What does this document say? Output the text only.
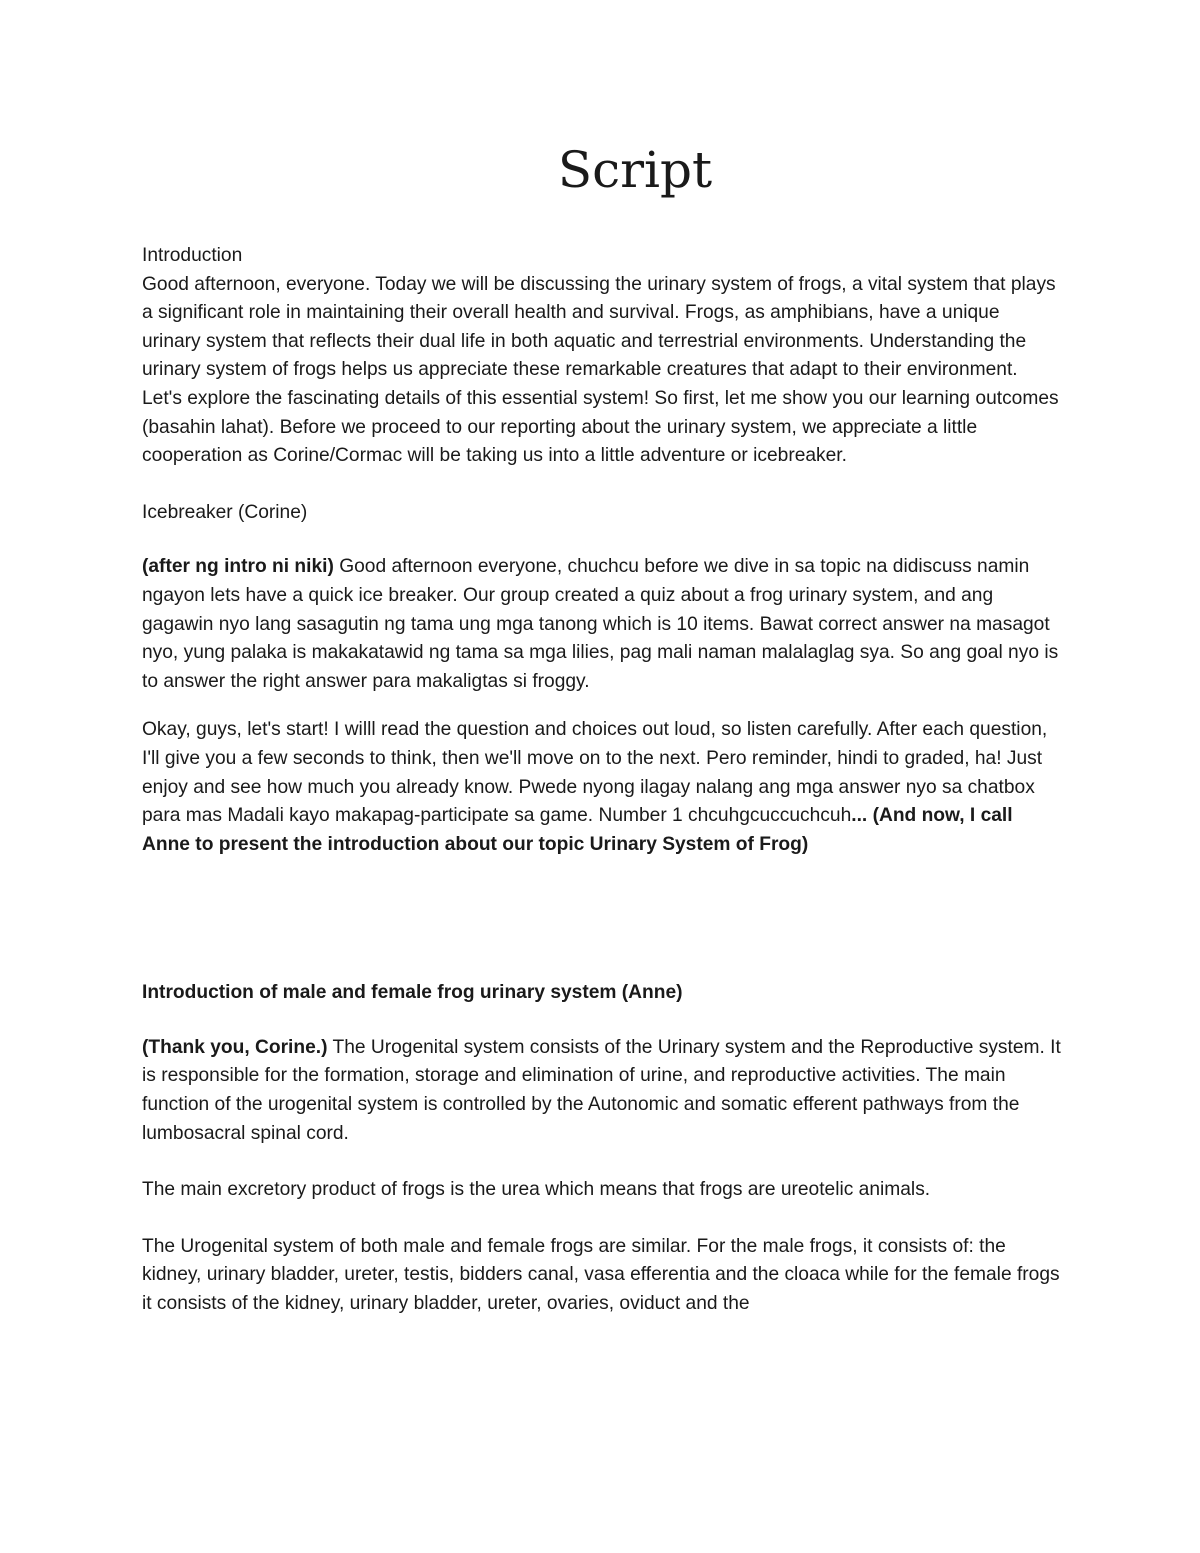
Script

Introduction

Good afternoon, everyone. Today we will be discussing the urinary system of frogs, a vital system that plays a significant role in maintaining their overall health and survival. Frogs, as amphibians, have a unique urinary system that reflects their dual life in both aquatic and terrestrial environments. Understanding the urinary system of frogs helps us appreciate these remarkable creatures that adapt to their environment. Let's explore the fascinating details of this essential system! So first, let me show you our learning outcomes (basahin lahat). Before we proceed to our reporting about the urinary system, we appreciate a little cooperation as Corine/Cormac will be taking us into a little adventure or icebreaker.

Icebreaker (Corine)

(after ng intro ni niki) Good afternoon everyone, chuchcu before we dive in sa topic na didiscuss namin ngayon lets have a quick ice breaker. Our group created a quiz about a frog urinary system, and ang gagawin nyo lang sasagutin ng tama ung mga tanong which is 10 items. Bawat correct answer na masagot nyo, yung palaka is makakatawid ng tama sa mga lilies, pag mali naman malalaglag sya. So ang goal nyo is to answer the right answer para makaligtas si froggy.

Okay, guys, let's start! I willl read the question and choices out loud, so listen carefully. After each question, I'll give you a few seconds to think, then we'll move on to the next. Pero reminder, hindi to graded, ha! Just enjoy and see how much you already know. Pwede nyong ilagay nalang ang mga answer nyo sa chatbox para mas Madali kayo makapag-participate sa game. Number 1 chcuhgcuccuchcuh... (And now, I call Anne to present the introduction about our topic Urinary System of Frog)

Introduction of male and female frog urinary system (Anne)

(Thank you, Corine.) The Urogenital system consists of the Urinary system and the Reproductive system. It is responsible for the formation, storage and elimination of urine, and reproductive activities. The main function of the urogenital system is controlled by the Autonomic and somatic efferent pathways from the lumbosacral spinal cord.

The main excretory product of frogs is the urea which means that frogs are ureotelic animals.

The Urogenital system of both male and female frogs are similar. For the male frogs, it consists of: the kidney, urinary bladder, ureter, testis, bidders canal, vasa efferentia and the cloaca while for the female frogs it consists of the kidney, urinary bladder, ureter, ovaries, oviduct and the
